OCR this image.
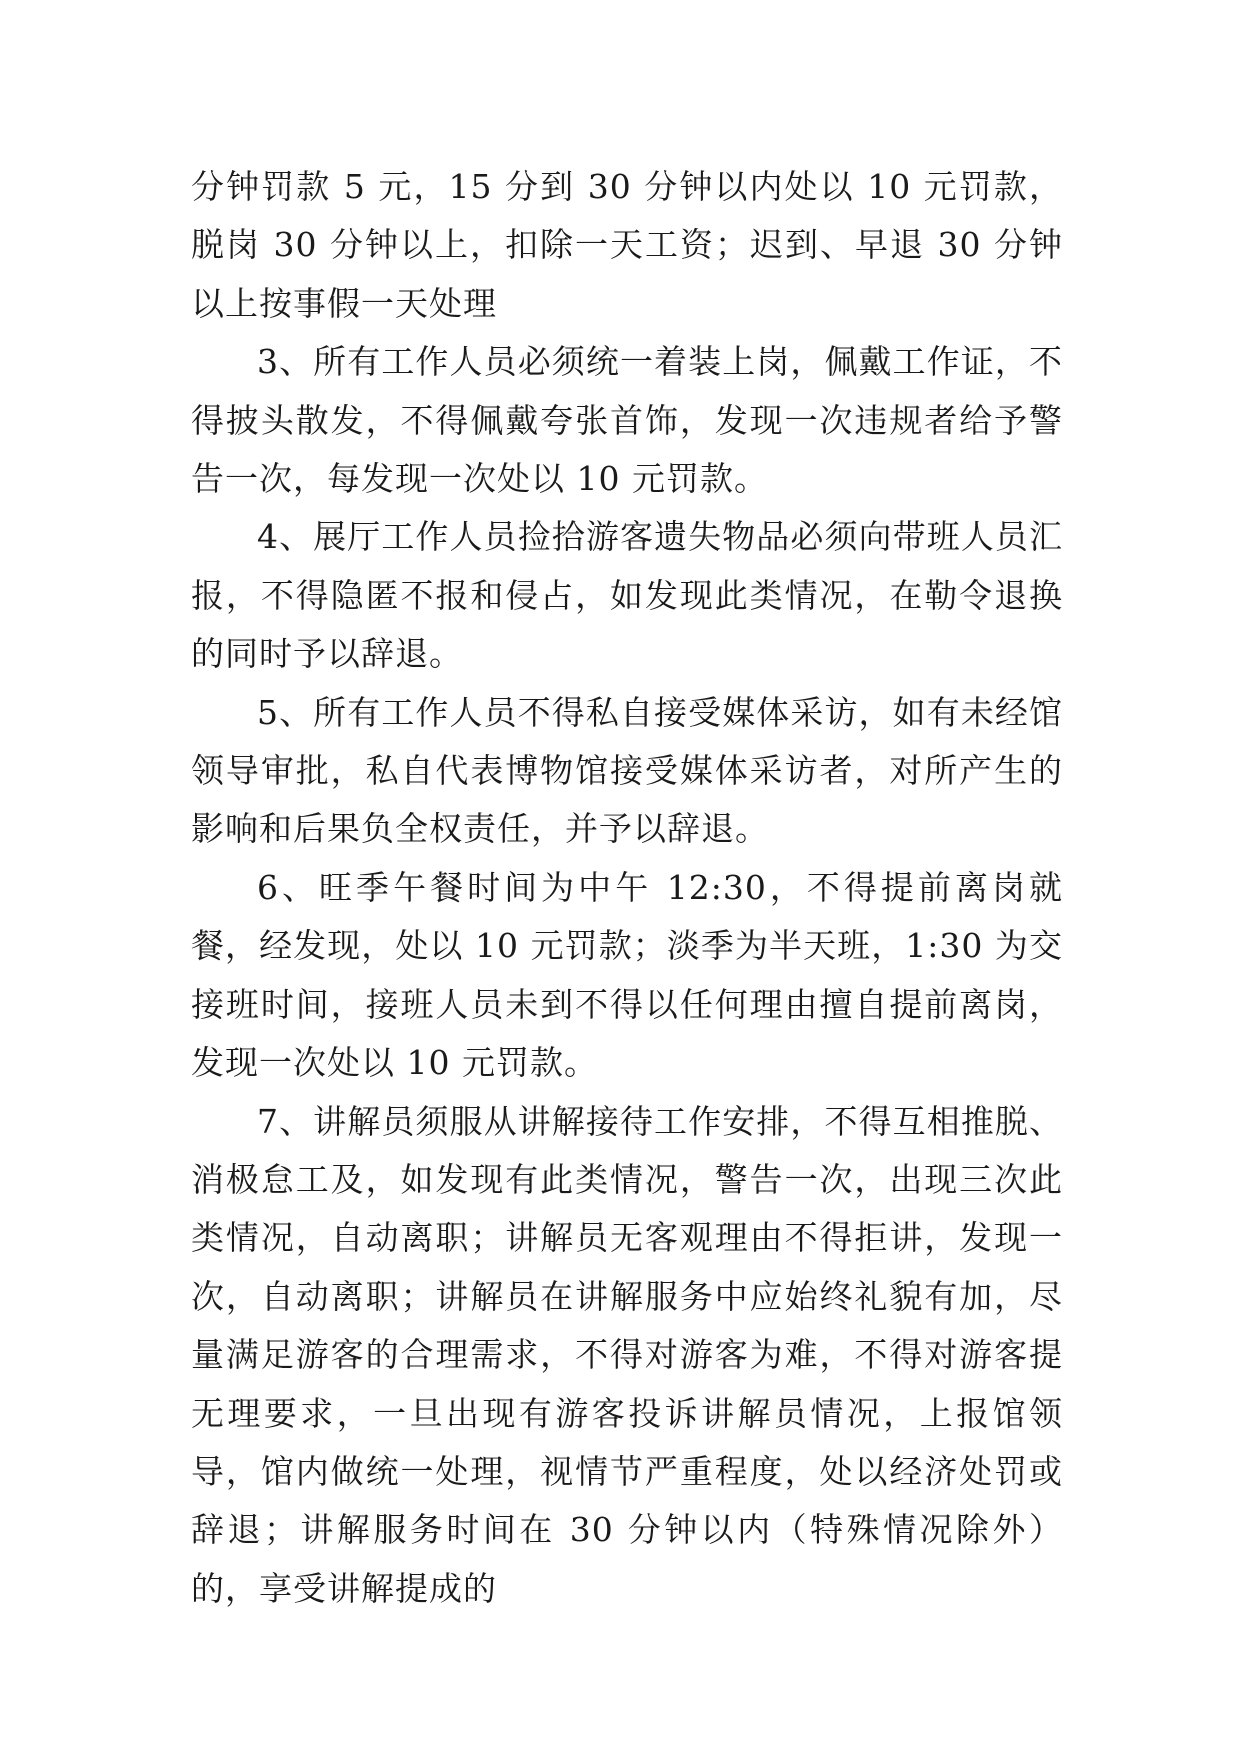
分钟罚款 5 元，15 分到 30 分钟以内处以 10 元罚款，脱岗 30 分钟以上，扣除一天工资；迟到、早退 30 分钟以上按事假一天处理

3、所有工作人员必须统一着装上岗，佩戴工作证，不得披头散发，不得佩戴夸张首饰，发现一次违规者给予警告一次，每发现一次处以 10 元罚款。

4、展厅工作人员捡拾游客遗失物品必须向带班人员汇报，不得隐匿不报和侵占，如发现此类情况，在勒令退换的同时予以辞退。

5、所有工作人员不得私自接受媒体采访，如有未经馆领导审批，私自代表博物馆接受媒体采访者，对所产生的影响和后果负全权责任，并予以辞退。

6、旺季午餐时间为中午 12:30，不得提前离岗就餐，经发现，处以 10 元罚款；淡季为半天班，1:30 为交接班时间，接班人员未到不得以任何理由擅自提前离岗，发现一次处以 10 元罚款。

7、讲解员须服从讲解接待工作安排，不得互相推脱、消极怠工及，如发现有此类情况，警告一次，出现三次此类情况，自动离职；讲解员无客观理由不得拒讲，发现一次，自动离职；讲解员在讲解服务中应始终礼貌有加，尽量满足游客的合理需求，不得对游客为难，不得对游客提无理要求，一旦出现有游客投诉讲解员情况，上报馆领导，馆内做统一处理，视情节严重程度，处以经济处罚或辞退；讲解服务时间在 30 分钟以内（特殊情况除外）的，享受讲解提成的
